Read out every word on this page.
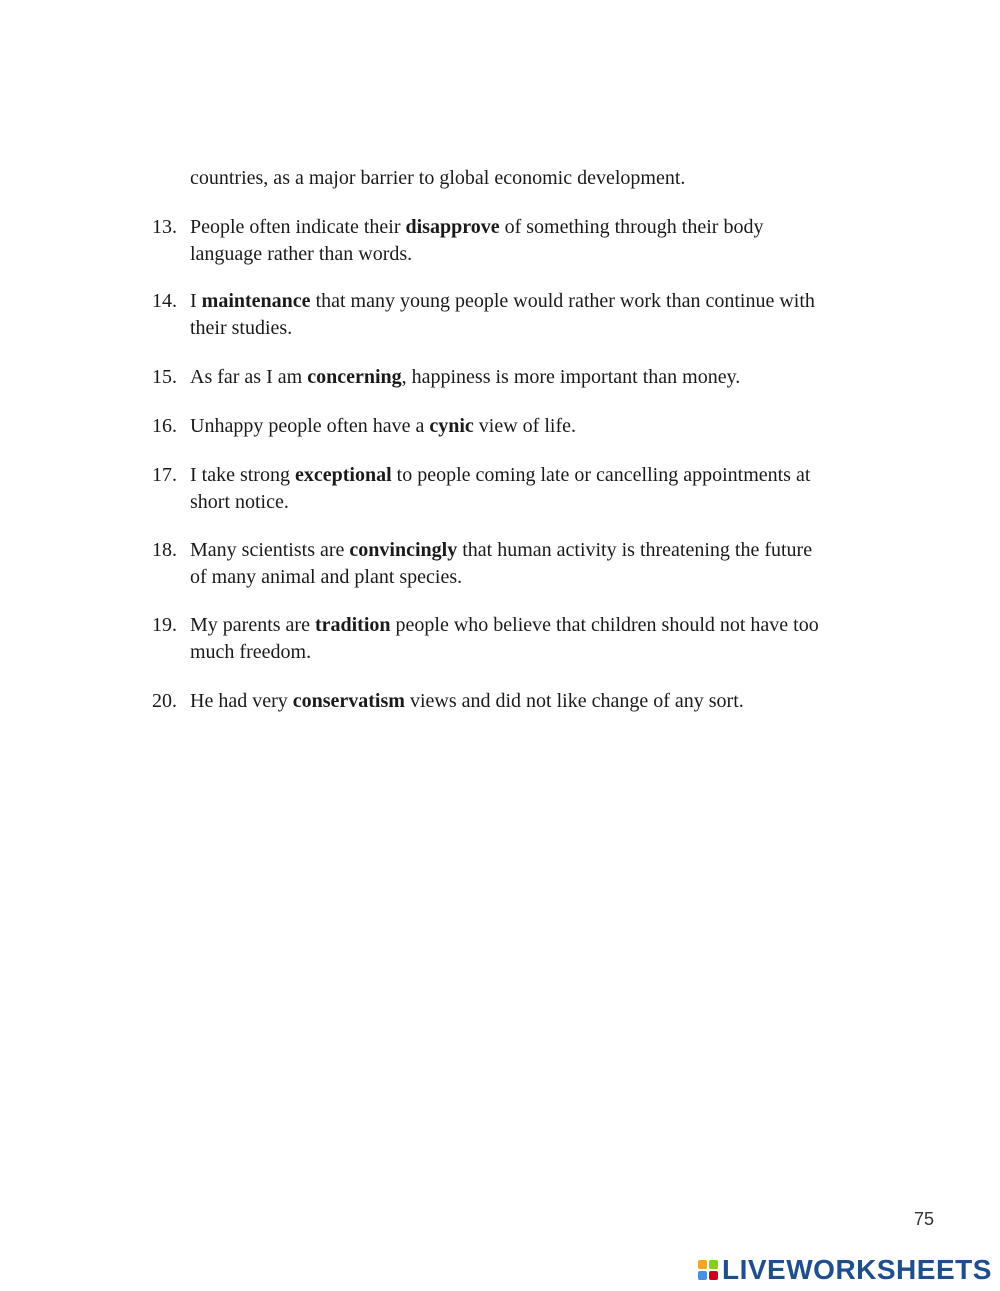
countries, as a major barrier to global economic development.
13. People often indicate their disapprove of something through their body language rather than words.
14. I maintenance that many young people would rather work than continue with their studies.
15. As far as I am concerning, happiness is more important than money.
16. Unhappy people often have a cynic view of life.
17. I take strong exceptional to people coming late or cancelling appointments at short notice.
18. Many scientists are convincingly that human activity is threatening the future of many animal and plant species.
19. My parents are tradition people who believe that children should not have too much freedom.
20. He had very conservatism views and did not like change of any sort.
75
LIVEWORKSHEETS
